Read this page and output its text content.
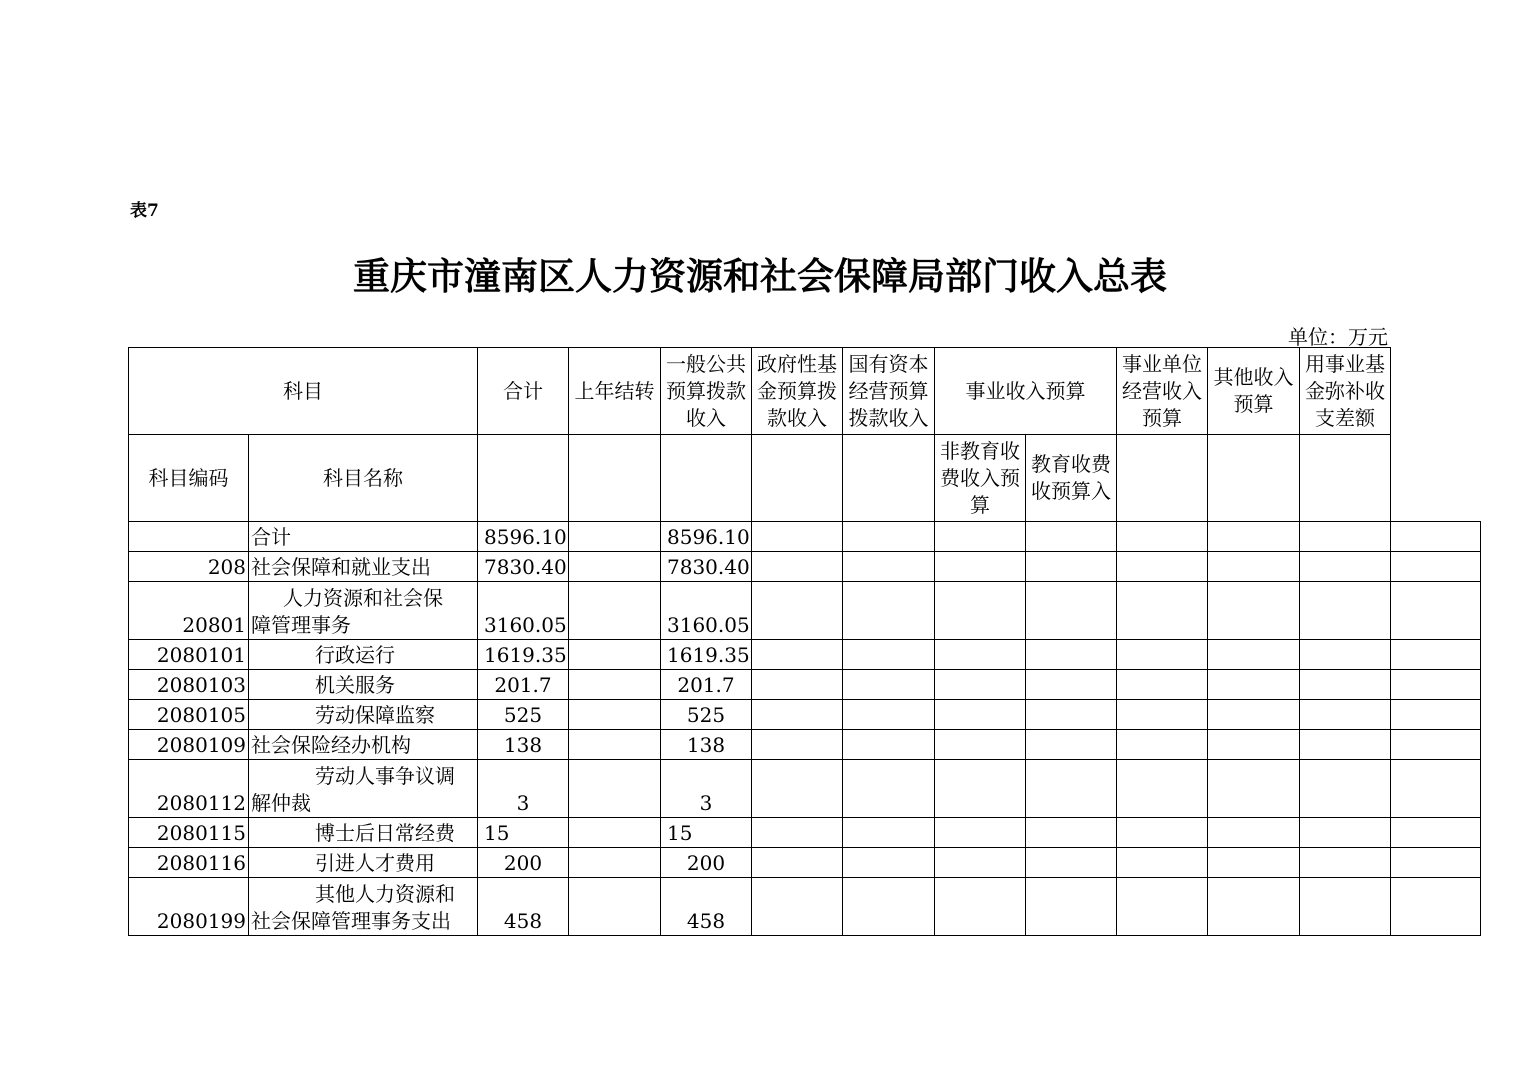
表7
重庆市潼南区人力资源和社会保障局部门收入总表
单位：万元
科目		合计	上年结转	一般公共预算拨款收入	政府性基金预算拨款收入	国有资本经营预算拨款收入	事业收入预算		事业单位经营收入预算	其他收入预算	用事业基金弥补收支差额	
科目编码	科目名称						非教育收费收入预算	教育收费收预算入				

	合计	8596.10		8596.10								
208	社会保障和就业支出	7830.40		7830.40								
20801	人力资源和社会保
障管理事务	3160.05		3160.05								
2080101	行政运行	1619.35		1619.35								
2080103	机关服务	201.7		201.7								
2080105	劳动保障监察	525		525								
2080109	社会保险经办机构	138		138								
2080112	劳动人事争议调
解仲裁	3		3								
2080115	博士后日常经费	15		15								
2080116	引进人才费用	200		200								
2080199	其他人力资源和
社会保障管理事务支出	458		458								
